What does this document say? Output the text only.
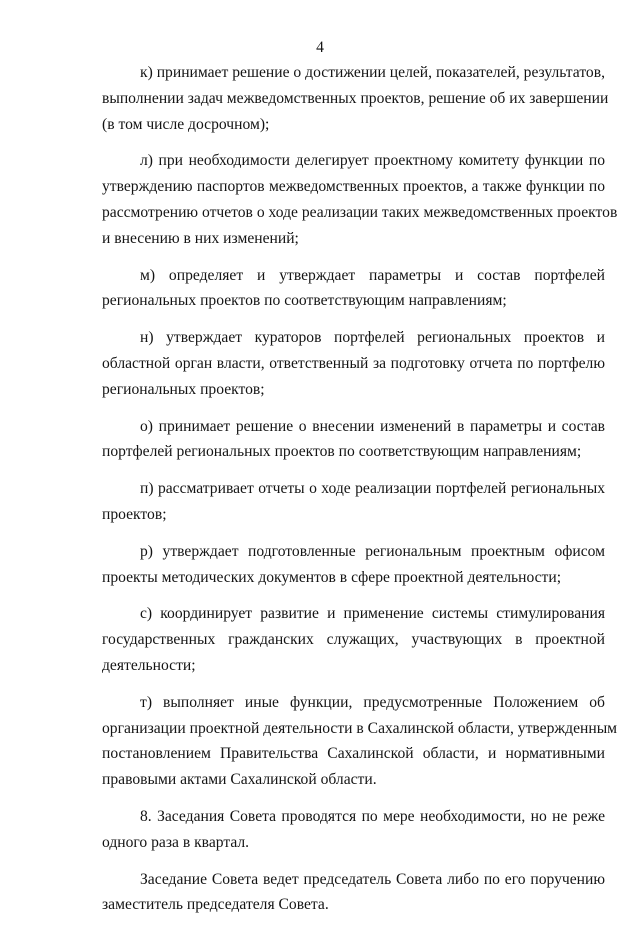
4

к) принимает решение о достижении целей, показателей, результатов,
выполнении задач межведомственных проектов, решение об их завершении
(в том числе досрочном);

л) при необходимости делегирует проектному комитету функции по
утверждению паспортов межведомственных проектов, а также функции по
рассмотрению отчетов о ходе реализации таких межведомственных проектов
и внесению в них изменений;

м) определяет и утверждает параметры и состав портфелей
региональных проектов по соответствующим направлениям;

н) утверждает кураторов портфелей региональных проектов и
областной орган власти, ответственный за подготовку отчета по портфелю
региональных проектов;

о) принимает решение о внесении изменений в параметры и состав
портфелей региональных проектов по соответствующим направлениям;

п) рассматривает отчеты о ходе реализации портфелей региональных
проектов;

р) утверждает подготовленные региональным проектным офисом
проекты методических документов в сфере проектной деятельности;

с) координирует развитие и применение системы стимулирования
государственных гражданских служащих, участвующих в проектной
деятельности;

т) выполняет иные функции, предусмотренные Положением об
организации проектной деятельности в Сахалинской области, утвержденным
постановлением Правительства Сахалинской области, и нормативными
правовыми актами Сахалинской области.

8. Заседания Совета проводятся по мере необходимости, но не реже
одного раза в квартал.

Заседание Совета ведет председатель Совета либо по его поручению
заместитель председателя Совета.
